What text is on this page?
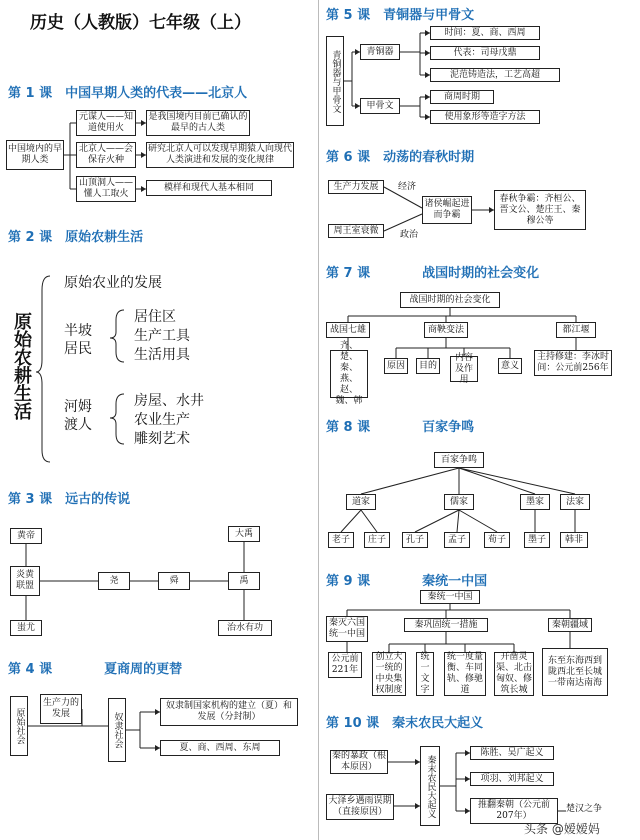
历史（人教版）七年级（上）
第 1 课　中国早期人类的代表——北京人
中国境内的早期人类
元谋人——知道使用火
北京人——会保存火种
山顶洞人——懂人工取火
是我国境内目前已确认的最早的古人类
研究北京人可以发现早期猿人向现代人类演进和发展的变化规律
模样和现代人基本相同
第 2 课　原始农耕生活
原始农耕生活
原始农业的发展
半坡居民
居住区
生产工具
生活用具
河姆渡人
房屋、水井
农业生产
雕刻艺术
第 3 课　远古的传说
黄帝
炎黄联盟
蚩尤
尧	舜	禹
大禹
治水有功
第 4 课　　　　夏商周的更替
原始社会
生产力的发展	奴隶社会
奴隶制国家机构的建立（夏）和发展（分封制）
夏、商、西周、东周
第 5 课　青铜器与甲骨文
青铜器与甲骨文	青铜器
时间：夏、商、西周
代表：司母戊鼎
泥范铸造法，工艺高超
甲骨文
商周时期
使用象形等造字方法
第 6 课　动荡的春秋时期
生产力发展	经济
周王室衰微	政治
诸侯崛起进而争霸
春秋争霸：齐桓公、晋文公、楚庄王、秦穆公等
第 7 课　　　　战国时期的社会变化
战国时期的社会变化
战国七雄	商鞅变法	都江堰
齐、楚、秦、燕、赵、魏、韩
原因	目的
内容及作用
意义
主持修建：李冰时间：公元前256年
第 8 课　　　　百家争鸣
百家争鸣
道家	儒家	墨家	法家
老子	庄子	孔子	孟子	荀子	墨子	韩非
第 9 课　　　　秦统一中国
秦统一中国
秦灭六国统一中国
公元前221年
秦巩固统一措施
创立大一统的中央集权制度
统一文字
统一度量衡、车同轨、修驰道
开凿灵渠、北击匈奴、修筑长城
秦朝疆域
东至东海西到陇西北至长城一带南达南海
第 10 课　秦末农民大起义
秦的暴政（根本原因）
大泽乡遇雨误期（直接原因）	秦末农民大起义
陈胜、吴广起义
项羽、刘邦起义
推翻秦朝（公元前207年）
楚汉之争
头条 @嫒嫒妈
